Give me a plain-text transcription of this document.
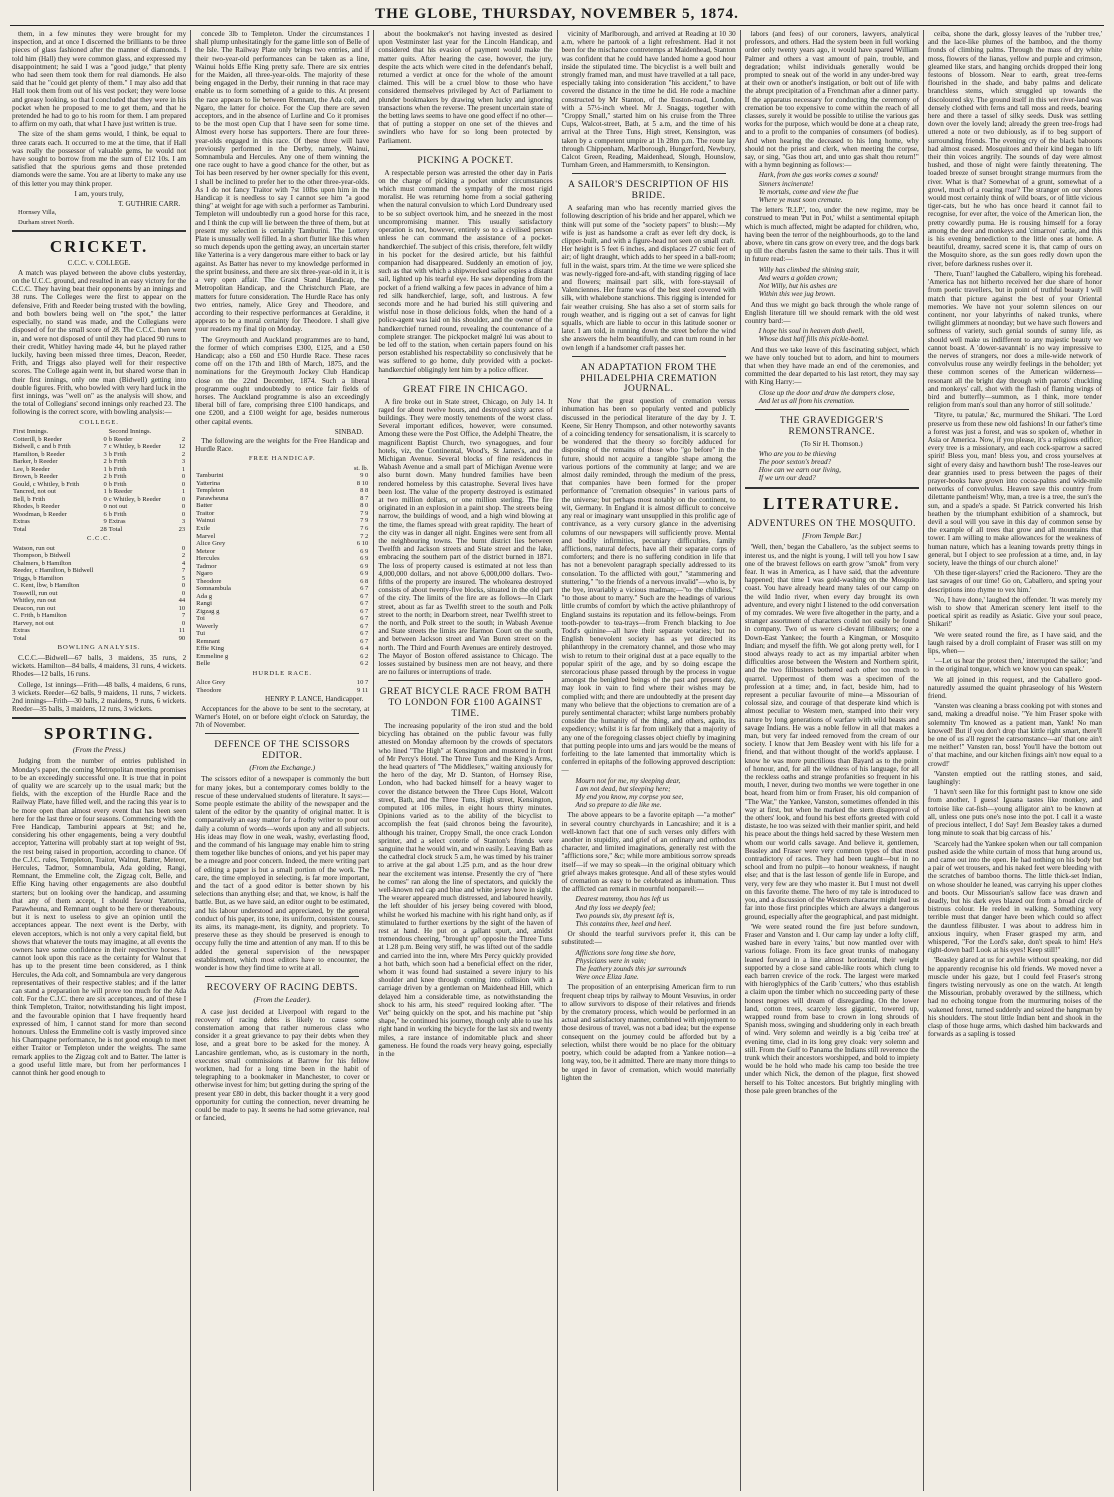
THE GLOBE, THURSDAY, NOVEMBER 5, 1874.

them, in a few minutes they were brought for my inspection, and at once I discerned the brilliants to be three pieces of glass fashioned after the manner of diamonds. I told him (Hall) they were common glass, and expressed my disappointment; he said I was a "good judge," that plenty who had seen them took them for real diamonds. He also said that he "could get plenty of them." I may also add that Hall took them from out of his vest pocket; they were loose and greasy looking, so that I concluded that they were in his pocket when he proposed to me to get them, and that he pretended he had to go to his room for them. I am prepared to affirm on my oath, that what I have just written is true.

The size of the sham gems would, I think, be equal to three carats each. It occurred to me at the time, that if Hall was really the possessor of valuable gems, he would not have sought to borrow from me the sum of £12 10s. I am satisfied that the spurious gems and those pretended diamonds were the same. You are at liberty to make any use of this letter you may think proper.

I am, yours truly,

T. GUTHRIE CARR.

Hornsey Villa,

Durham street North.

CRICKET.

C.C.C. v. COLLEGE.

A match was played between the above clubs yesterday, on the U.C.C. ground, and resulted in an easy victory for the C.C.C. They having beat their opponents by an innings and 38 runs. The Colleges were the first to appear on the defensive, Frith and Reeder being trusted with the bowling, and both bowlers being well on "the spot," the latter especially, no stand was made, and the Collegians were disposed of for the small score of 28. The C.C.C. then went in, and were not disposed of until they had placed 90 runs to their credit, Whitley having made 44, but he played rather luckily, having been missed three times, Deacon, Reeder, Frith, and Triggs also played well for their respective scores. The College again went in, but shared worse than in their first innings, only one man (Bidwell) getting into double figures. Frith, who bowled with very hard luck in the first innings, was "well on" as the analysis will show, and the total of Collegians' second innings only reached 23. The following is the correct score, with bowling analysis:—

COLLEGE.

First Innings.		Second Innings.	
Cotterill, b Reeder	0	b Reeder	2
Bidwell, c and b Frith	7	c Whitley, b Reeder	12
Hamilton, b Reeder	3	b Frith	2
Barker, b Reeder	2	b Frith	3
Lee, b Reeder	1	b Frith	1
Brown, b Reeder	2	b Frith	0
Gould, c Whitley, b Frith	0	b Frith	0
Tancred, not out	1	b Reeder	1
Bell, b Frith	0	c Whitley, b Reeder	0
Rhodes, b Reeder	0	not out	0
Woodman, b Reeder	6	b Frith	0
Extras	9	Extras	3
Total	28	Total	23

C.C.C.

Watson, run out	0
Thompson, b Bidwell	2
Chalmers, b Hamilton	4
Reeder, c Hamilton, b Bidwell	7
Triggs, b Hamilton	5
C. Kent, lbw, b Hamilton	0
Tosswill, run out	0
Whitley, run out	44
Deacon, run out	10
C. Frith, b Hamilton	7
Harvey, not out	0
Extras	11
Total	90

BOWLING ANALYSIS.

C.C.C.—Bidwell—67 balls, 3 maidens, 35 runs, 2 wickets. Hamilton—84 balls, 4 maidens, 31 runs, 4 wickets. Rhodes—12 balls, 16 runs.

College, 1st innings—Frith—48 balls, 4 maidens, 6 runs, 3 wickets. Reeder—62 balls, 9 maidens, 11 runs, 7 wickets. 2nd innings—Frith—30 balls, 2 maidens, 9 runs, 6 wickets. Reeder—35 balls, 3 maidens, 12 runs, 3 wickets.

SPORTING.

(From the Press.)

Judging from the number of entries published in Monday's paper, the coming Metropolitan meeting promises to be an exceedingly successful one. It is true that in point of quality we are scarcely up to the usual mark; but the fields, with the exception of the Hurdle Race and the Railway Plate, have filled well, and the racing this year is to be more open than almost every event that has been seen here for the last three or four seasons. Commencing with the Free Handicap, Tamburini appears at 9st; and he, considering his other engagements, being a very doubtful acceptor, Yatterina will probably start at top weight of 9st, the rest being raised in proportion, according to chance. Of the C.J.C. rules, Templeton, Traitor, Walnut, Batter, Meteor, Hercules, Tadmor, Somnambula, Ada golding, Rangi, Remnant, the Emmeline colt, the Zigzag colt, Belle, and Effie King having other engagements are also doubtful starters; but on looking over the handicap, and assuming that any of them accept, I should favour Yatterina, Parawheuna, and Remnant ought to be there or thereabouts; but it is next to useless to give an opinion until the acceptances appear. The next event is the Derby, with eleven acceptors, which is not only a very capital field, but shows that whatever the touts may imagine, at all events the owners have some confidence in their respective horses. I cannot look upon this race as the certainty for Walnut that has up to the present time been considered, as I think Hercules, the Ada colt, and Somnambula are very dangerous representatives of their respective stables; and if the latter can stand a preparation he will prove too much for the Ada colt. For the C.J.C. there are six acceptances, and of these I think Templeton, Traitor, notwithstanding his light impost, and the favourable opinion that I have frequently heard expressed of him, I cannot stand for more than second honours. Unless the Emmeline colt is vastly improved since his Champagne performance, he is not good enough to meet either Traitor or Templeton under the weights. The same remark applies to the Zigzag colt and to Batter. The latter is a good useful little mare, but from her performances I cannot think her good enough to

concede 3lb to Templeton. Under the circumstances I shall plump unhesitatingly for the game little son of Belle of the Isle. The Railway Plate only brings two entries, and if their two-year-old performances can be taken as a line, Wainui holds Effie King pretty safe. There are six entries for the Maiden, all three-year-olds. The majority of these being engaged in the Derby, their running in that race may enable us to form something of a guide to this. At present the race appears to lie between Remnant, the Ada colt, and Ngaro, the latter for choice. For the Cup there are seven acceptors, and in the absence of Lurline and Co it promises to be the most open Cup that I have seen for some time. Almost every horse has supporters. There are four three-year-olds engaged in this race. Of these three will have previously performed in the Derby, namely, Wainui, Somnambula and Hercules. Any one of them winning the one race ought to have a good chance for the other, but as Toi has been reserved by her owner specially for this event, I shall be inclined to prefer her to the other three-year-olds. As I do not fancy Traitor with 7st 10lbs upon him in the Handicap it is needless to say I cannot see him "a good thing" at weight for age with such a performer as Tamburini. Templeton will undoubtedly run a good horse for this race, and I think the cup will lie between the three of them, but at present my selection is certainly Tamburini. The Lottery Plate is unusually well filled. In a short flutter like this when so much depends upon the getting away, an uncertain starter like Yatterina is a very dangerous mare either to back or lay against. As Batter has never to my knowledge performed in the sprint business, and there are six three-year-old in it, it is a very open affair. The Grand Stand Handicap, the Metropolitan Handicap, and the Christchurch Plate, are matters for future consideration. The Hurdle Race has only two entries, namely, Alice Grey and Theodore, and according to their respective performances at Geraldine, it appears to be a moral certainty for Theodore. I shall give your readers my final tip on Monday.

The Greymouth and Auckland programmes are to hand, the former of which comprises £300, £125, and a £50 Handicap; also a £60 and £50 Hurdle Race. These races come off on the 17th and 18th of March, 1875, and the nominations for the Greymouth Jockey Club Handicap close on the 22nd December, 1874. Such a liberal programme ought undoubtedly to entice fair fields of horses. The Auckland programme is also an exceedingly liberal bill of fare, comprising three £100 handicaps, and one £200, and a £100 weight for age, besides numerous other capital events.

SINBAD.

The following are the weights for the Free Handicap and Hurdle Race.

FREE HANDICAP.

	st. lb.
Tamburini	9 0
Yatterina	8 10
Templeton	8 8
Parawheuna	8 7
Batter	8 0
Traitor	7 9
Wainui	7 9
Exile	7 6
Marvel	7 2
Alice Grey	6 10
Meteor	6 9
Hercules	6 9
Tadmor	6 9
Ngaro	6 9
Theodore	6 8
Somnambula	6 7
Ada g	6 7
Rangi	6 7
Zigzag g	6 7
Toi	6 7
Waverly	6 7
Tui	6 7
Remnant	6 7
Effie King	6 4
Emmeline g	6 2
Belle	6 2

HURDLE RACE.

Alice Grey	10 7
Theodore	9 11

HENRY P. LANCE, Handicapper.

Acceptances for the above to be sent to the secretary, at Warner's Hotel, on or before eight o'clock on Saturday, the 7th of November.

DEFENCE OF THE SCISSORS EDITOR.

(From the Exchange.)

The scissors editor of a newspaper is commonly the butt for many jokes, but a contemporary comes boldly to the rescue of these undervalued students of literature. It says:—Some people estimate the ability of the newspaper and the talent of the editor by the quantity of original matter. It is comparatively an easy matter for a frothy writer to pour out daily a column of words—words upon any and all subjects. His ideas may flow in one weak, washy, everlasting flood, and the command of his language may enable him to string them together like bunches of onions, and yet his paper may be a meagre and poor concern. Indeed, the mere writing part of editing a paper is but a small portion of the work. The care, the time employed in selecting, is far more important, and the tact of a good editor is better shown by his selections than anything else; and that, we know, is half the battle. But, as we have said, an editor ought to be estimated, and his labour understood and appreciated, by the general conduct of his paper, its tone, its uniform, consistent course, its aims, its manage-ment, its dignity, and propriety. To preserve these as they should be preserved is enough to occupy fully the time and attention of any man. If to this be added the general supervision of the newspaper establishment, which most editors have to encounter, the wonder is how they find time to write at all.

RECOVERY OF RACING DEBTS.

(From the Leader).

A case just decided at Liverpool with regard to the recovery of racing debts is likely to cause some consternation among that rather numerous class who consider it a great grievance to pay their debts when they lose, and a great bore to be asked for the money. A Lancashire gentleman, who, as is customary in the north, executes small commissions at Barrow for his fellow workmen, had for a long time been in the habit of telegraphing to a bookmaker in Manchester, to cover or otherwise invest for him; but getting during the spring of the present year £80 in debt, this backer thought it a very good opportunity for cutting the connection, never dreaming he could be made to pay. It seems he had some grievance, real or fancied,

about the bookmaker's not having invested as desired upon Vestminster last year for the Lincoln Handicap, and considered that his evasion of payment would make the matter quits. After hearing the case, however, the jury, despite the acts which were cited in the defendant's behalf, returned a verdict at once for the whole of the amount claimed. This will be a cruel blow to those who have considered themselves privileged by Act of Parliament to plunder bookmakers by drawing when lucky and ignoring transactions when the reverse. The present uncertain state of the betting laws seems to have one good effect if no other—that of putting a stopper on one set of the thieves and swindlers who have for so long been protected by Parliament.

PICKING A POCKET.

A respectable person was arrested the other day in Paris on the charge of picking a pocket under circumstances which must command the sympathy of the most rigid moralist. He was returning home from a social gathering when the natural convulsion to which Lord Dundreary used to be so subject overtook him, and he sneezed in the most uncompromising manner. This usually satisfactory operation is not, however, entirely so to a civilised person unless he can command the assistance of a pocket-handkerchief. The subject of this crisis, therefore, felt wildly in his pocket for the desired article, but his faithful companion had disappeared. Suddenly an emotion of joy, such as that with which a shipwrecked sailor espies a distant sail, lighted up his tearful eye. He saw depending from the pocket of a friend walking a few paces in advance of him a red silk handkerchief, large, soft, and lustrous. A few seconds more and he had buried his still quivering and wistful nose in those delicious folds, when the hand of a police-agent was laid on his shoulder, and the owner of the handkerchief turned round, revealing the countenance of a complete stranger. The pickpocket malgré lui was about to be led off to the station, when certain papers found on his person established his respectability so conclusively that he was suffered to go home, duly provided with a pocket-handkerchief obligingly lent him by a police officer.

GREAT FIRE IN CHICAGO.

A fire broke out in State street, Chicago, on July 14. It raged for about twelve hours, and destroyed sixty acres of buildings. They were mostly tenements of the worst class. Several important edifices, however, were consumed. Among these were the Post Office, the Adelphi Theatre, the magnificent Baptist Church, two synagogues, and four hotels, viz, the Continental, Wood's, St James's, and the Michigan Avenue. Several blocks of fine residences in Wabash Avenue and a small part of Michigan Avenue were also burnt down. Many hundred families have been rendered homeless by this catastrophe. Several lives have been lost. The value of the property destroyed is estimated at two million dollars, or one million sterling. The fire originated in an explosion in a paint shop. The streets being narrow, the buildings of wood, and a high wind blowing at the time, the flames spread with great rapidity. The heart of the city was in danger all night. Engines were sent from all the neighbouring towns. The burnt district lies between Twelfth and Jackson streets and State street and the lake, embracing the southern part of the district burned in 1871. The loss of property caused is estimated at not less than 4,000,000 dollars, and not above 6,000,000 dollars. Two-fifths of the property are insured. The wholearea destroyed consists of about twenty-five blocks, situated in the old part of the city. The limits of the fire are as follows—In Clark street, about as far as Twelfth street to the south and Polk street to the north; in Dearborn street, near Twelfth street to the north, and Polk street to the south; in Wabash Avenue and State streets the limits are Harmon Court on the south, and between Jackson street and Van Buren street on the north. The Third and Fourth Avenues are entirely destroyed. The Mayor of Boston offered assistance to Chicago. The losses sustained by business men are not heavy, and there are no failures or interruptions of trade.

GREAT BICYCLE RACE FROM BATH TO LONDON FOR £100 AGAINST TIME.

The increasing popularity of the iron stud and the bold bicycling has obtained on the public favour was fully attested on Monday afternoon by the crowds of spectators who lined "The High" at Kensington and mustered in front of Mr Percy's Hotel. The Three Tuns and the King's Arms, the head quarters of "The Middlesex," waiting anxiously for the hero of the day, Mr D. Stanton, of Hornsey Rise, London, who had backed himself for a heavy wager to cover the distance between the Three Cups Hotel, Walcott street, Bath, and the Three Tuns, High street, Kensington, computed at 106 miles, in eight hours thirty minutes. Opinions varied as to the ability of the bicyclist to accomplish the feat (said chronos being the favourite), although his trainer, Croppy Small, the once crack London sprinter, and a select coterie of Stanton's friends were sanguine that he would win, and win easily. Leaving Bath as the cathedral clock struck 5 a.m, he was timed by his trainer to arrive at the gal about 1.25 p.m, and as the hour drew near the excitement was intense. Presently the cry of "here he comes" ran along the line of spectators, and quickly the well-known red cap and blue and white jersey hove in sight. The wearer appeared much distressed, and laboured heavily, the left shoulder of his jersey being covered with blood, whilst he worked his machine with his right hand only, as if stimulated to further exertions by the sight of the haven of rest at hand. He put on a gallant spurt, and, amidst tremendous cheering, "brought up" opposite the Three Tuns at 1.28 p.m. Being very stiff, he was lifted out of the saddle and carried into the inn, where Mrs Percy quickly provided a hot bath, which soon had a beneficial effect on the rider, whom it was found had sustained a severe injury to his shoulder and knee through coming into collision with a carriage driven by a gentleman on Maidenhead Hill, which delayed him a considerable time, as notwithstanding the shock to his arm, his steed" required looking after. "The Vet" being quickly on the spot, and his machine put "ship shape," he continued his journey, though only able to use his right hand in working the bicycle for the last six and twenty miles, a rare instance of indomitable pluck and sheer gameness. He found the roads very heavy going, especially in the

vicinity of Marlborough, and arrived at Reading at 10 30 a.m, where he partook of a light refreshment. Had it not been for the mischance contretemps at Maidenhead, Stanton was confident that he could have landed home a good hour inside the stipulated time. The bicyclist is a well built and strongly framed man, and must have travelled at a tall pace, especially taking into consideration "his accident," to have covered the distance in the time he did. He rode a machine constructed by Mr Stanton, of the Euston-road, London, with a 57½-inch wheel. Mr J. Snaggs, together with "Croppy Small," started him on his cruise from the Three Cups, Walcot-street, Bath, at 5 a.m, and the time of his arrival at the Three Tuns, High street, Kensington, was taken by a competent umpire at 1h 28m p.m. The route lay through Chippenham, Marlborough, Hungerford, Newbury, Calcot Green, Reading, Maidenhead, Slough, Hounslow, Turnham Green, and Hammersmith, to Kensington.

A SAILOR'S DESCRIPTION OF HIS BRIDE.

A seafaring man who has recently married gives the following description of his bride and her apparel, which we think will put some of the "society papers" to blush:—My wife is just as handsome a craft as ever left dry dock, is clipper-built, and with a figure-head not seen on small craft. Her height is 5 feet 6 inches, and displaces 27 cubic feet of air; of light draught, which adds to her speed in a ball-room; full in the waist, spars trim. At the time we were spliced she was newly-rigged fore-and-aft, with standing rigging of lace and flowers; mainsail part silk, with fore-staysail of Valenciennes. Her frame was of the best steel covered with silk, with whalebone stanchions. This rigging is intended for fair weather cruising. She has also a set of storm sails for rough weather, and is rigging out a set of canvas for light squalls, which are liable to occur in this latitude sooner or later. I am told, in running down the street before the wind she answers the helm beautifully, and can turn round in her own length if a handsomer craft passes her.

AN ADAPTATION FROM THE PHILADELPHIA CREMATION JOURNAL.

Now that the great question of cremation versus inhumation has been so popularly vented and publicly discussed in the periodical literature of the day by J. T. Keene, Sir Henry Thompson, and other noteworthy savants of a coinciding tendency for sensationalism, it is scarcely to be wondered that the theory so forcibly adduced for disposing of the remains of those who "go before" in the future, should not acquire a tangible shape among the various portions of the community at large; and we are almost daily reminded, through the medium of the press, that companies have been formed for the proper performance of "cremation obsequies" in various parts of the universe; but perhaps most notably on the continent, to wit, Germany. In England it is almost difficult to conceive any real or imaginary want unsupplied in this prolific age of contrivance, as a very cursory glance in the advertising columns of our newspapers will sufficiently prove. Mental and bodily infirmities, pecuniary difficulties, family afflictions, natural defects, have all their separate corps of comforters; and there is no suffering condition in life that has not a benevolent paragraph specially addressed to its consolation. To the afflicted with gout," "stammering and stuttering," "to the friends of a nervous invalid"—who is, by the bye, invariably a vicious madman;—"to the childless," "to those about to marry." Such are the headings of various little crumbs of comfort by which the active philanthropy of England sustains its reputation and its fellow-beings. From tooth-powder to tea-trays—from French blacking to Joe Todd's quinine—all have their separate votaries; but no English benevolent society has as yet directed its philanthropy in the crematory channel, and those who may wish to return to their original dust at a pace equally to the popular spirit of the age, and by so doing escape the stercoracious phase passed through by the process in vogue amongst the benighted beings of the past and present day, may look in vain to find where their wishes may be complied with; and there are undoubtedly at the present day many who believe that the objections to cremation are of a purely sentimental character; whilst large numbers probably consider the humanity of the thing, and others, again, its expediency; whilst it is far from unlikely that a majority of any one of the foregoing classes object chiefly by imagining that putting people into urns and jars would be the means of forfeiting to the late lamented that immortality which is conferred in epitaphs of the following approved description:—

Mourn not for me, my sleeping dear,
I am not dead, but sleeping here;
My end you know, my corpse you see,
And so prepare to die like me.

The above appears to be a favorite epitaph —"a mother" in several country churchyards in Lancashire; and it is a well-known fact that one of such verses only differs with another in stupidity, and grief of an ordinary and orthodox character, and limited imaginations, generally rest with the "afflictions sore," &c; while more ambitious sorrow spreads itself—if we may so speak—in the original obituary which grief always makes grotesque. And all of these styles would of cremation as easy to be celebrated as inhumation. Thus the afflicted can remark in mournful nonpareil:—

Dearest mammy, thou has left us
And thy loss we deeply feel;
Two pounds six, thy present left is,
This contains thee, heel and heel.

Or should the tearful survivors prefer it, this can be substituted:—

Afflictions sore long time she bore,
Physicians were in vain;
The feathery zounds this jar surrounds
Were once Eliza Jane.

The proposition of an enterprising American firm to run frequent cheap trips by railway to Mount Vesuvius, in order to allow survivors to dispose of their relatives and friends by the crematory process, which would be performed in an actual and satisfactory manner, combined with enjoyment to those desirous of travel, was not a bad idea; but the expense consequent on the journey could be afforded but by a selection, whilst there would be no place for the obituary poetry, which could be adapted from a Yankee notion—a long way, too, be it admitted. There are many more things to be urged in favor of cremation, which would materially lighten the

labors (and fees) of our coroners, lawyers, analytical professors, and others. Had the system been in full working order only twenty years ago, it would have spared William Palmer and others a vast amount of pain, trouble, and degradation; whilst individuals generally would be prompted to sneak out of the world in any under-bred way at their own or another's instigation, or bolt out of life with the abrupt precipitation of a Frenchman after a dinner party. If the apparatus necessary for conducting the ceremony of cremation be too expensive to come within the reach of all classes, surely it would be possible to utilise the various gas works for the purpose, which would be done at a cheap rate, and to a profit to the companies of consumers (of bodies). And when hearing the deceased to his long home, why should not the priest and clerk, when meeting the corpse, say, or sing, "Gas thou art, and unto gas shalt thou return!" with a hymn beginning as follows:—

Hark, from the gas works comes a sound!
Sinners incinerate!
Ye mortals, come and view the flue
Where ye must soon cremate.

The letters 'R.I.P.', too, under the new regime, may be construed to mean 'Put in Pot,' whilst a sentimental epitaph which is much affected, might be adapted for children, who, having been the terror of the neighbourhoods, go to the land above, where tin cans grow on every tree, and the dogs bark up till the cherubs fasten the same to their tails. Thus it will in future read:—

Willy has climbed the shining stair,
And wears a golden crown;
Not Willy, but his ashes are
Within this wee jug brown.

And thus we might go back through the whole range of English literature till we should remark with the old west country bard:—

I hope his soul in heaven doth dwell,
Whose dust half fills this pickle-bottel.

And thus we take leave of this fascinating subject, which we have only touched but to adorn, and hint to mourners that when they have made an end of the ceremonies, and committed the dear departed to his last retort, they may say with King Harry:—

Close up the door and draw the dampers close,
And let us all from his cremation.

THE GRAVEDIGGER'S REMONSTRANCE.

(To Sir H. Thomson.)

Who are you to be thieving
The poor sexton's bread?
How can we earn our living,
If we urn our dead?

LITERATURE.

ADVENTURES ON THE MOSQUITO.

[From Temple Bar.]

'Well, then,' began the Caballero, 'as the subject seems to interest us, and the night is young, I will tell you how I saw one of the bravest fellows on earth grow "smok" from very fear. It was in America, as I have said, that the adventure happened; that time I was gold-washing on the Mosquito coast. You have already heard many tales of our camp on the wild Indio river, when every day brought its own adventure, and every night I listened to the odd conversation of my comrades. We were five altogether in the party, and a stranger assortment of characters could not easily be found in company. Two of us were ci-devant filibusters; one a Down-East Yankee; the fourth a Kingman, or Mosquito Indian; and myself the fifth. We got along pretty well, for I stood always ready to act as my impartial arbiter when difficulties arose between the Western and Northern spirit, and the two filibusters bothered each other too much to quarrel. Uppermost of them was a specimen of the profession at a time; and, in fact, beside him, had to represent a peculiar favourite of mine—a Missourian of colossal size, and courage of that desperate kind which is almost peculiar to Western men, stamped into their very nature by long generations of warfare with wild beasts and savage Indians. He was a noble fellow in all that makes a man, but very far indeed removed from the cream of our society. I know that Jem Beasley went with his life for a friend, and that without thought of the world's applause. I know he was more punctilious than Bayard as to the point of honour, and, for all the wildness of his language, for all the reckless oaths and strange profanities so frequent in his mouth, I never, during two months we were together in one boat, heard from him or from Fraser, his old companion of "The War," the Yankee, Vanston, sometimes offended in this way at first, but when he marked the stern disapproval of the others' look, and found his best efforts greeted with cold distaste, he too was seized with their manlier spirit, and held his peace about the things held sacred by these Western men whom our world calls savage. And believe it, gentlemen, Beasley and Fraser were very common types of that most contradictory of races. They had been taught—but in no school and from no pulpit—to honour weakness, if naught else; and that is the last lesson of gentle life in Europe, and very, very few are they who master it. But I must not dwell on this favorite theme. The hero of my tale is introduced to you, and a discussion of the Western character might lead us far into those first principles which are always a dangerous ground, especially after the geographical, and past midnight.

'We were seated round the fire just before sundown, Fraser and Vanston and I. Our camp lay under a lofty cliff, washed bare in every 'rains,' but now mantled over with various foliage. From its face great trunks of mahogany leaned forward in a line almost horizontal, their weight supported by a close sand cable-like roots which clung to each barren crevice of the rock. The largest were marked with hieroglyphics of the Carib 'cutters,' who thus establish a claim upon the timber which no succeeding party of these honest negroes will dream of disregarding. On the lower land, cotton trees, scarcely less gigantic, towered up, wrapped round from base to crown in long shrouds of Spanish moss, swinging and shuddering only in each breath of wind. Very solemn and weirdly is a big 'ceiba tree' at evening time, clad in its long grey cloak: very solemn and still. From the Gulf to Panama the Indians still reverence the trunk which their ancestors worshipped, and bold to impiety would be he hold who made his camp too beside the tree under which Nick, the demon of the plague, first showed herself to his Toltec ancestors. But brightly mingling with those pale green branches of the

ceiba, shone the dark, glossy leaves of the 'rubber tree,' and the lace-like plumes of the bamboo, and the thorny fronds of climbing palms. Through the mass of dry white moss, flowers of the lianas, yellow and purple and crimson, gleamed like stars, and hanging orchids dropped their long festoons of blossom. Near to earth, great tree-ferns flourished in the shade, and baby palms and delicate branchless stems, which struggled up towards the discoloured sky. The ground itself in this wet river-land was densely clothed with ferns and tall moss and reeds, bearing here and there a tassel of silky seeds. Dusk was settling down over the lovely land; already the green tree-frogs had uttered a note or two dubiously, as if to beg support of surrounding friends. The evening cry of the black baboons had almost ceased. Mosquitoes and their kind began to lift their thin voices angrily. The sounds of day were almost hushed, and those of night were faintly threatening. The loaded breeze of sunset brought strange murmurs from the river. What is that? Somewhat of a grunt, somewhat of a growl, much of a roaring roar? The stranger on our shores would most certainly think of wild boars, or of little vicious tiger-cats, but he who has once heard it cannot fail to recognise, for ever after, the voice of the American lion, the pretty cowardly puma. He is rousing himself for a foray among the deer and monkeys and 'cimarron' cattle, and this is his evening benediction to the little ones at home. A beautiful, dreamy, sacred scene it is, that camp of ours on the Mosquito shore, as the sun goes redly down upon the river, before darkness rushes over it.

'There, Tuan!' laughed the Caballero, wiping his forehead. 'America has not hitherto received her due share of honor from poetic travellers, but in point of truthful beauty I will match that picture against the best of your Oriental memories. We have not your solemn silences on our continent, nor your labyrinths of naked trunks, where twilight glimmers at noonday; but we have such flowers and softness of variety, such genial sounds of sunny life, as should well make us indifferent to any majestic beauty we cannot boast. A 'dower-savannah' is no way impressive to the nerves of strangers, nor does a mile-wide network of convolvulus rouse any weirdly feelings in the beholder; yet these common scenes of the American wilderness—resonant all the bright day through with parrots' chuckling and monkeys' call, shot with the flash of flaming wings of bird and butterfly—summon, as I think, more tender religion from man's soul than any horror of still solitude.'

'Tityre, tu patulæ,' &c, murmured the Shikari. 'The Lord preserve us from these new old fashions! In our father's time a forest was just a forest, and was so spoken of, whether in Asia or America. Now, if you please, it's a religious edifice; every tree is a missionary, and each cock-sparrow a sacred spirit! Bless you, man! bless you, and cross yourselves at sight of every daisy and hawthorn bush! The rose-leaves our dear grannies used to press between the pages of their prayer-books have grown into cocoa-palms and wide-mile networks of convolvulus. Heaven save this country from dilettante pantheism! Why, man, a tree is a tree, the sun's the sun, and a spade's a spade. St Patrick converted his Irish heathen by the triumphant exhibition of a shamrock, but devil a soul will you save in this day of common sense by the example of all trees that grow and all mountains that tower. I am willing to make allowances for the weakness of human nature, which has a leaning towards pretty things in general, but I object to see profession at a time, and, in lay society, leave the things of our church alone!'

'Oh these tiger-slayers!' cried the Racionero. 'They are the last savages of our time! Go on, Caballero, and spring your descriptions into rhyme to vex him.'

'No, I have done,' laughed the offender. 'It was merely my wish to show that American scenery lent itself to the poetical spirit as readily as Asiatic. Give your soul peace, Shikari!'

'We were seated round the fire, as I have said, and the laugh raised by a droll complaint of Fraser was still on my lips, when—

'—Let us hear the protest then,' interrupted the sailor; 'and in the original tongue, which we know you can speak.'

We all joined in this request, and the Caballero good-naturedly assumed the quaint phraseology of his Western friend.

'Vansten was cleaning a brass cooking pot with stones and sand, making a dreadful noise. "Ye him Fraser spoke with solemnity 'I'm knowed as a patient man, Yank! No man knowed! But if you don't drop that kittle right smart, there'll be one of us a'll regret the catrsomstance—an' that one ain't me neither!" Vansten ran, boss! You'll have the bottom out o' that machine, and our kitchen fixings ain't now equal to a crowd!'

'Vansten emptied out the rattling stones, and said, laughingly:

'I havn't seen like for this fortnight past to know one side from another, I guess! Iguana tastes like monkey, and tortoise like cat-fish—young alligator ain't to be known at all, unless one puts one's nose into the pot. I call it a waste of precious intellect, I do! Say! Jem Beasley takes a durned long minute to soak that big carcass of his.'

'Scarcely had the Yankee spoken when our tall companion pushed aside the white curtain of moss that hung around us, and came out into the open. He had nothing on his body but a pair of wet trousers, and his naked feet were bleeding with the scratches of bamboo thorns. The little thick-set Indian, on whose shoulder he leaned, was carrying his upper clothes and boots. Our Missourian's sallow face was drawn and deadly, but his dark eyes blazed out from a broad circle of bistrous colour. He reeled in walking. Something very terrible must that danger have been which could so affect the dauntless filibuster. I was about to address him in anxious inquiry, when Fraser grasped my arm, and whispered, "For the Lord's sake, don't speak to him! He's right-down bad! Look at his eyes! Keep still!"

'Beasley glared at us for awhile without speaking, nor did he apparently recognise his old friends. We moved never a muscle under his gaze, but I could feel Fraser's strong fingers twisting nervously as one on the watch. At length the Missourian, probably overawed by the stillness, which had no echoing tongue from the murmuring noises of the wakened forest, turned suddenly and seized the hangman by his shoulders. The stout little Indian bent and shook in the clasp of those huge arms, which dashed him backwards and forwards as a sapling is tossed
